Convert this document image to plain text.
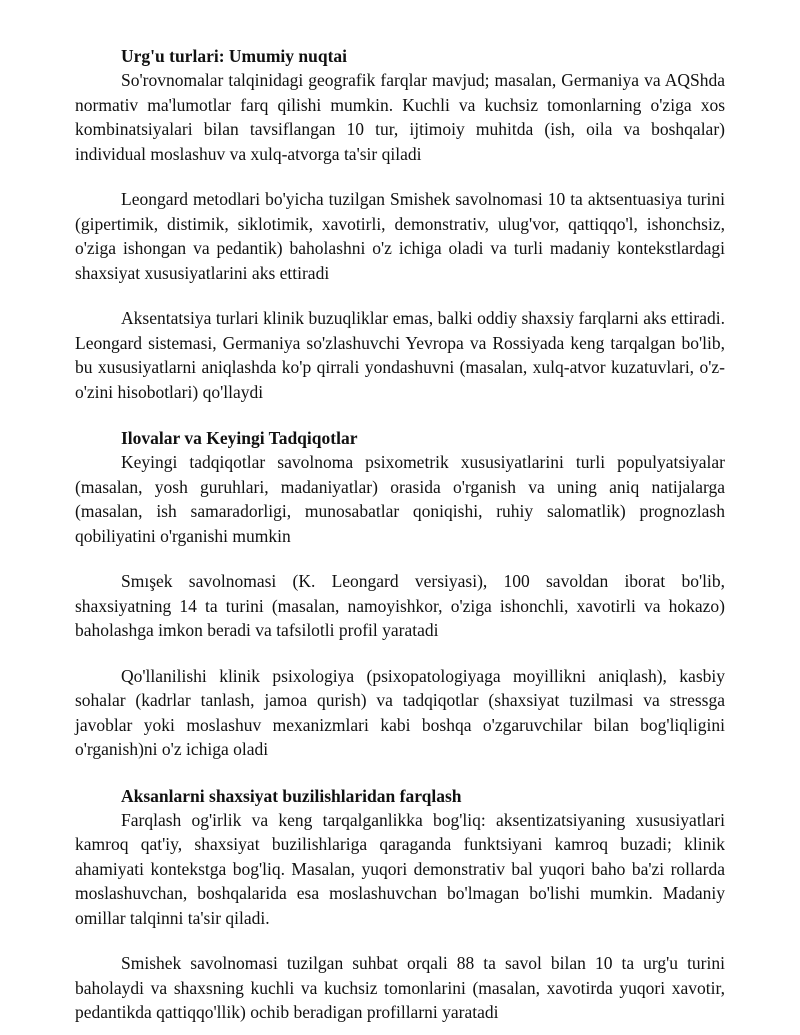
Urg'u turlari: Umumiy nuqtai

So'rovnomalar talqinidagi geografik farqlar mavjud; masalan, Germaniya va AQShda normativ ma'lumotlar farq qilishi mumkin. Kuchli va kuchsiz tomonlarning o'ziga xos kombinatsiyalari bilan tavsiflangan 10 tur, ijtimoiy muhitda (ish, oila va boshqalar) individual moslashuv va xulq-atvorga ta'sir qiladi

Leongard metodlari bo'yicha tuzilgan Smishek savolnomasi 10 ta aktsentuasiya turini (gipertimik, distimik, siklotimik, xavotirli, demonstrativ, ulug'vor, qattiqqo'l, ishonchsiz, o'ziga ishongan va pedantik) baholashni o'z ichiga oladi va turli madaniy kontekstlardagi shaxsiyat xususiyatlarini aks ettiradi

Aksentatsiya turlari klinik buzuqliklar emas, balki oddiy shaxsiy farqlarni aks ettiradi. Leongard sistemasi, Germaniya so'zlashuvchi Yevropa va Rossiyada keng tarqalgan bo'lib, bu xususiyatlarni aniqlashda ko'p qirrali yondashuvni (masalan, xulq-atvor kuzatuvlari, o'z-o'zini hisobotlari) qo'llaydi

Ilovalar va Keyingi Tadqiqotlar

Keyingi tadqiqotlar savolnoma psixometrik xususiyatlarini turli populyatsiyalar (masalan, yosh guruhlari, madaniyatlar) orasida o'rganish va uning aniq natijalarga (masalan, ish samaradorligi, munosabatlar qoniqishi, ruhiy salomatlik) prognozlash qobiliyatini o'rganishi mumkin

Smışek savolnomasi (K. Leongard versiyasi), 100 savoldan iborat bo'lib, shaxsiyatning 14 ta turini (masalan, namoyishkor, o'ziga ishonchli, xavotirli va hokazo) baholashga imkon beradi va tafsilotli profil yaratadi

Qo'llanilishi klinik psixologiya (psixopatologiyaga moyillikni aniqlash), kasbiy sohalar (kadrlar tanlash, jamoa qurish) va tadqiqotlar (shaxsiyat tuzilmasi va stressga javoblar yoki moslashuv mexanizmlari kabi boshqa o'zgaruvchilar bilan bog'liqligini o'rganish)ni o'z ichiga oladi

Aksanlarni shaxsiyat buzilishlaridan farqlash

Farqlash og'irlik va keng tarqalganlikka bog'liq: aksentizatsiyaning xususiyatlari kamroq qat'iy, shaxsiyat buzilishlariga qaraganda funktsiyani kamroq buzadi; klinik ahamiyati kontekstga bog'liq. Masalan, yuqori demonstrativ bal yuqori baho ba'zi rollarda moslashuvchan, boshqalarida esa moslashuvchan bo'lmagan bo'lishi mumkin. Madaniy omillar talqinni ta'sir qiladi.

Smishek savolnomasi tuzilgan suhbat orqali 88 ta savol bilan 10 ta urg'u turini baholaydi va shaxsning kuchli va kuchsiz tomonlarini (masalan, xavotirda yuqori xavotir, pedantikda qattiqqo'llik) ochib beradigan profillarni yaratadi
